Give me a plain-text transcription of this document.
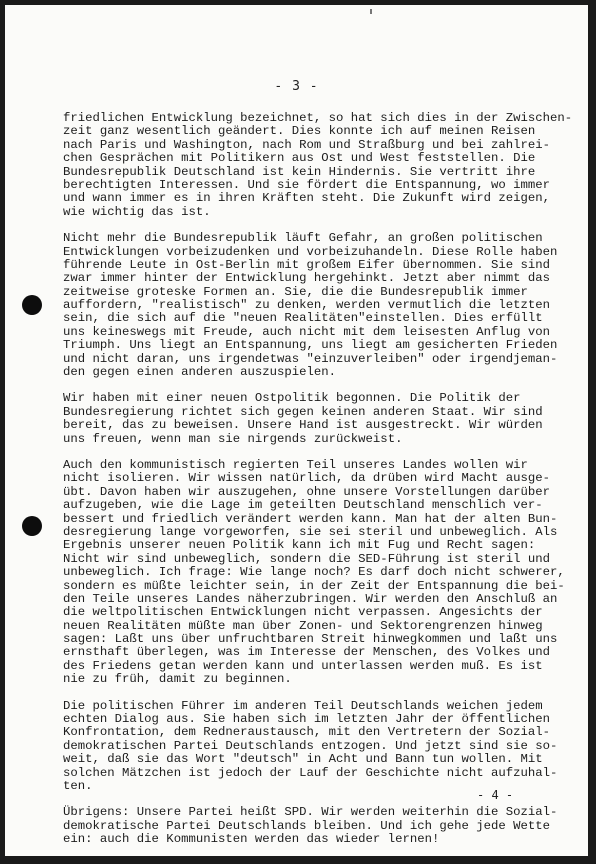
- 3 -
friedlichen Entwicklung bezeichnet, so hat sich dies in der Zwischen-
zeit ganz wesentlich geändert. Dies konnte ich auf meinen Reisen
nach Paris und Washington, nach Rom und Straßburg und bei zahlrei-
chen Gesprächen mit Politikern aus Ost und West feststellen. Die
Bundesrepublik Deutschland ist kein Hindernis. Sie vertritt ihre
berechtigten Interessen. Und sie fördert die Entspannung, wo immer
und wann immer es in ihren Kräften steht. Die Zukunft wird zeigen,
wie wichtig das ist.
Nicht mehr die Bundesrepublik läuft Gefahr, an großen politischen
Entwicklungen vorbeizudenken und vorbeizuhandeln. Diese Rolle haben
führende Leute in Ost-Berlin mit großem Eifer übernommen. Sie sind
zwar immer hinter der Entwicklung hergehinkt. Jetzt aber nimmt das
zeitweise groteske Formen an. Sie, die die Bundesrepublik immer
auffordern, "realistisch" zu denken, werden vermutlich die letzten
sein, die sich auf die "neuen Realitäten"einstellen. Dies erfüllt
uns keineswegs mit Freude, auch nicht mit dem leisesten Anflug von
Triumph. Uns liegt an Entspannung, uns liegt am gesicherten Frieden
und nicht daran, uns irgendetwas "einzuverleiben" oder irgendjeman-
den gegen einen anderen auszuspielen.
Wir haben mit einer neuen Ostpolitik begonnen. Die Politik der
Bundesregierung richtet sich gegen keinen anderen Staat. Wir sind
bereit, das zu beweisen. Unsere Hand ist ausgestreckt. Wir würden
uns freuen, wenn man sie nirgends zurückweist.
Auch den kommunistisch regierten Teil unseres Landes wollen wir
nicht isolieren. Wir wissen natürlich, da drüben wird Macht ausge-
übt. Davon haben wir auszugehen, ohne unsere Vorstellungen darüber
aufzugeben, wie die Lage im geteilten Deutschland menschlich ver-
bessert und friedlich verändert werden kann. Man hat der alten Bun-
desregierung lange vorgeworfen, sie sei steril und unbeweglich. Als
Ergebnis unserer neuen Politik kann ich mit Fug und Recht sagen:
Nicht wir sind unbeweglich, sondern die SED-Führung ist steril und
unbeweglich. Ich frage: Wie lange noch? Es darf doch nicht schwerer,
sondern es müßte leichter sein, in der Zeit der Entspannung die bei-
den Teile unseres Landes näherzubringen. Wir werden den Anschluß an
die weltpolitischen Entwicklungen nicht verpassen. Angesichts der
neuen Realitäten müßte man über Zonen- und Sektorengrenzen hinweg
sagen: Laßt uns über unfruchtbaren Streit hinwegkommen und laßt uns
ernsthaft überlegen, was im Interesse der Menschen, des Volkes und
des Friedens getan werden kann und unterlassen werden muß. Es ist
nie zu früh, damit zu beginnen.
Die politischen Führer im anderen Teil Deutschlands weichen jedem
echten Dialog aus. Sie haben sich im letzten Jahr der öffentlichen
Konfrontation, dem Redneraustausch, mit den Vertretern der Sozial-
demokratischen Partei Deutschlands entzogen. Und jetzt sind sie so-
weit, daß sie das Wort "deutsch" in Acht und Bann tun wollen. Mit
solchen Mätzchen ist jedoch der Lauf der Geschichte nicht aufzuhal-
ten.
Übrigens: Unsere Partei heißt SPD. Wir werden weiterhin die Sozial-
demokratische Partei Deutschlands bleiben. Und ich gehe jede Wette
ein: auch die Kommunisten werden das wieder lernen!
- 4 -
